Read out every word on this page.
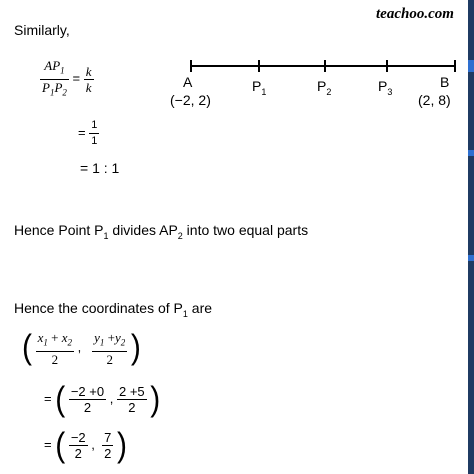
teachoo.com
Similarly,
$\frac{AP_1}{P_1P_2} = \frac{k}{k}$
= $\frac{1}{1}$
= 1 : 1
A	$P_1$	$P_2$	$P_3$
B
(−2, 2)	(2, 8)
Hence Point $P_1$ divides $AP_2$ into two equal parts
Hence the coordinates of $P_1$ are
( $\frac{x_1 + x_2}{2}$ , $\frac{y_1 +y_2}{2}$ )
= ( $\frac{-2 +0}{2}$ , $\frac{2 +5}{2}$ )
= ( $\frac{-2}{2}$ , $\frac{7}{2}$ )
